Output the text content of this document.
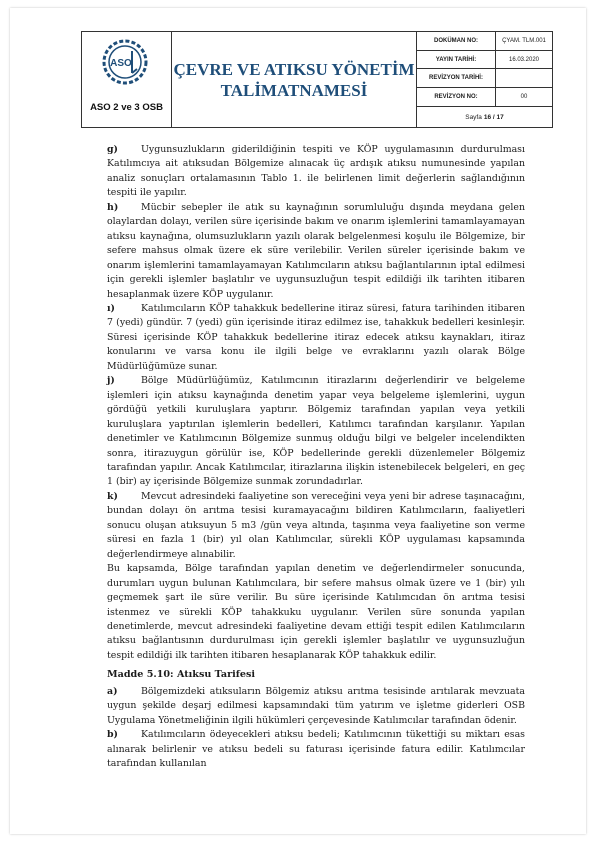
ASO
ASO 2 ve 3 OSB
ÇEVRE VE ATIKSU YÖNETİM
TALİMATNAMESİ
DOKÜMAN NO:	ÇYAM. TLM.001
YAYIN TARİHİ:	16.03.2020
REVİZYON TARİHİ:	
REVİZYON NO:	00
Sayfa 16 / 17

g) Uygunsuzlukların giderildiğinin tespiti ve KÖP uygulamasının durdurulması Katılımcıya ait atıksudan Bölgemize alınacak üç ardışık atıksu numunesinde yapılan analiz sonuçları ortalamasının Tablo 1. ile belirlenen limit değerlerin sağlandığının tespiti ile yapılır.

h) Mücbir sebepler ile atık su kaynağının sorumluluğu dışında meydana gelen olaylardan dolayı, verilen süre içerisinde bakım ve onarım işlemlerini tamamlayamayan atıksu kaynağına, olumsuzlukların yazılı olarak belgelenmesi koşulu ile Bölgemize, bir sefere mahsus olmak üzere ek süre verilebilir. Verilen süreler içerisinde bakım ve onarım işlemlerini tamamlayamayan Katılımcıların atıksu bağlantılarının iptal edilmesi için gerekli işlemler başlatılır ve uygunsuzluğun tespit edildiği ilk tarihten itibaren hesaplanmak üzere KÖP uygulanır.

ı)	Katılımcıların KÖP tahakkuk bedellerine itiraz süresi, fatura tarihinden itibaren 7 (yedi) gündür. 7 (yedi) gün içerisinde itiraz edilmez ise, tahakkuk bedelleri kesinleşir. Süresi içerisinde KÖP tahakkuk bedellerine itiraz edecek atıksu kaynakları, itiraz konularını ve varsa konu ile ilgili belge ve evraklarını yazılı olarak Bölge Müdürlüğümüze sunar.

j)	Bölge Müdürlüğümüz, Katılımcının itirazlarını değerlendirir ve belgeleme işlemleri için atıksu kaynağında denetim yapar veya belgeleme işlemlerini, uygun gördüğü yetkili kuruluşlara yaptırır. Bölgemiz tarafından yapılan veya yetkili kuruluşlara yaptırılan işlemlerin bedelleri, Katılımcı tarafından karşılanır. Yapılan denetimler ve Katılımcının Bölgemize sunmuş olduğu bilgi ve belgeler incelendikten sonra, itirazuygun görülür ise, KÖP bedellerinde gerekli düzenlemeler Bölgemiz tarafından yapılır. Ancak Katılımcılar, itirazlarına ilişkin istenebilecek belgeleri, en geç 1 (bir) ay içerisinde Bölgemize sunmak zorundadırlar.

k) Mevcut adresindeki faaliyetine son vereceğini veya yeni bir adrese taşınacağını, bundan dolayı ön arıtma tesisi kuramayacağını bildiren Katılımcıların, faaliyetleri sonucu oluşan atıksuyun 5 m3 /gün veya altında, taşınma veya faaliyetine son verme süresi en fazla 1 (bir) yıl olan Katılımcılar, sürekli KÖP uygulaması kapsamında değerlendirmeye alınabilir.

Bu kapsamda, Bölge tarafından yapılan denetim ve değerlendirmeler sonucunda, durumları uygun bulunan Katılımcılara, bir sefere mahsus olmak üzere ve 1 (bir) yılı geçmemek şart ile süre verilir. Bu süre içerisinde Katılımcıdan ön arıtma tesisi istenmez ve sürekli KÖP tahakkuku uygulanır. Verilen süre sonunda yapılan denetimlerde, mevcut adresindeki faaliyetine devam ettiği tespit edilen Katılımcıların atıksu bağlantısının durdurulması için gerekli işlemler başlatılır ve uygunsuzluğun tespit edildiği ilk tarihten itibaren hesaplanarak KÖP tahakkuk edilir.

Madde 5.10: Atıksu Tarifesi

a) Bölgemizdeki atıksuların Bölgemiz atıksu arıtma tesisinde arıtılarak mevzuata uygun şekilde deşarj edilmesi kapsamındaki tüm yatırım ve işletme giderleri OSB Uygulama Yönetmeliğinin ilgili hükümleri çerçevesinde Katılımcılar tarafından ödenir.

b) Katılımcıların ödeyecekleri atıksu bedeli; Katılımcının tükettiği su miktarı esas alınarak belirlenir ve atıksu bedeli su faturası içerisinde fatura edilir. Katılımcılar tarafından kullanılan
